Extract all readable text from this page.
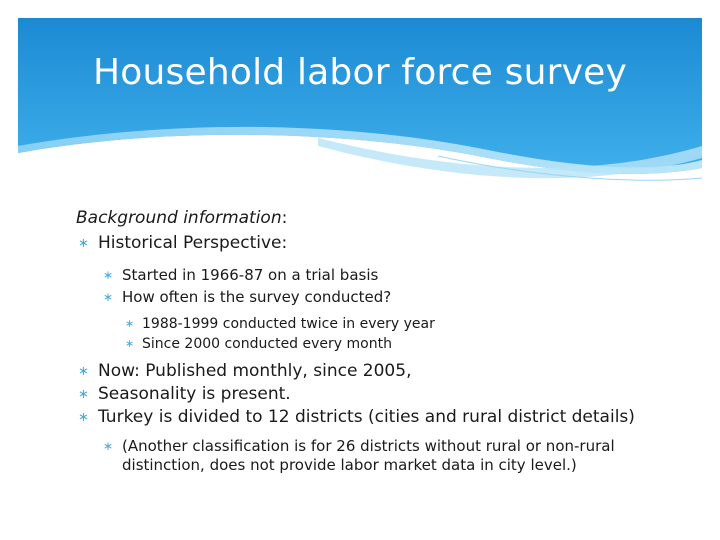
Household labor force survey
Background information:
∗ Historical Perspective:
∗ Started in 1966-87 on a trial basis
∗ How often is the survey conducted?
∗ 1988-1999 conducted twice in every year
∗ Since 2000 conducted every month
∗ Now: Published monthly, since 2005,
∗ Seasonality is present.
∗ Turkey is divided to 12 districts (cities and rural district details)
∗ (Another classification is for 26 districts without rural or non-rural distinction, does not provide labor market data in city level.)
